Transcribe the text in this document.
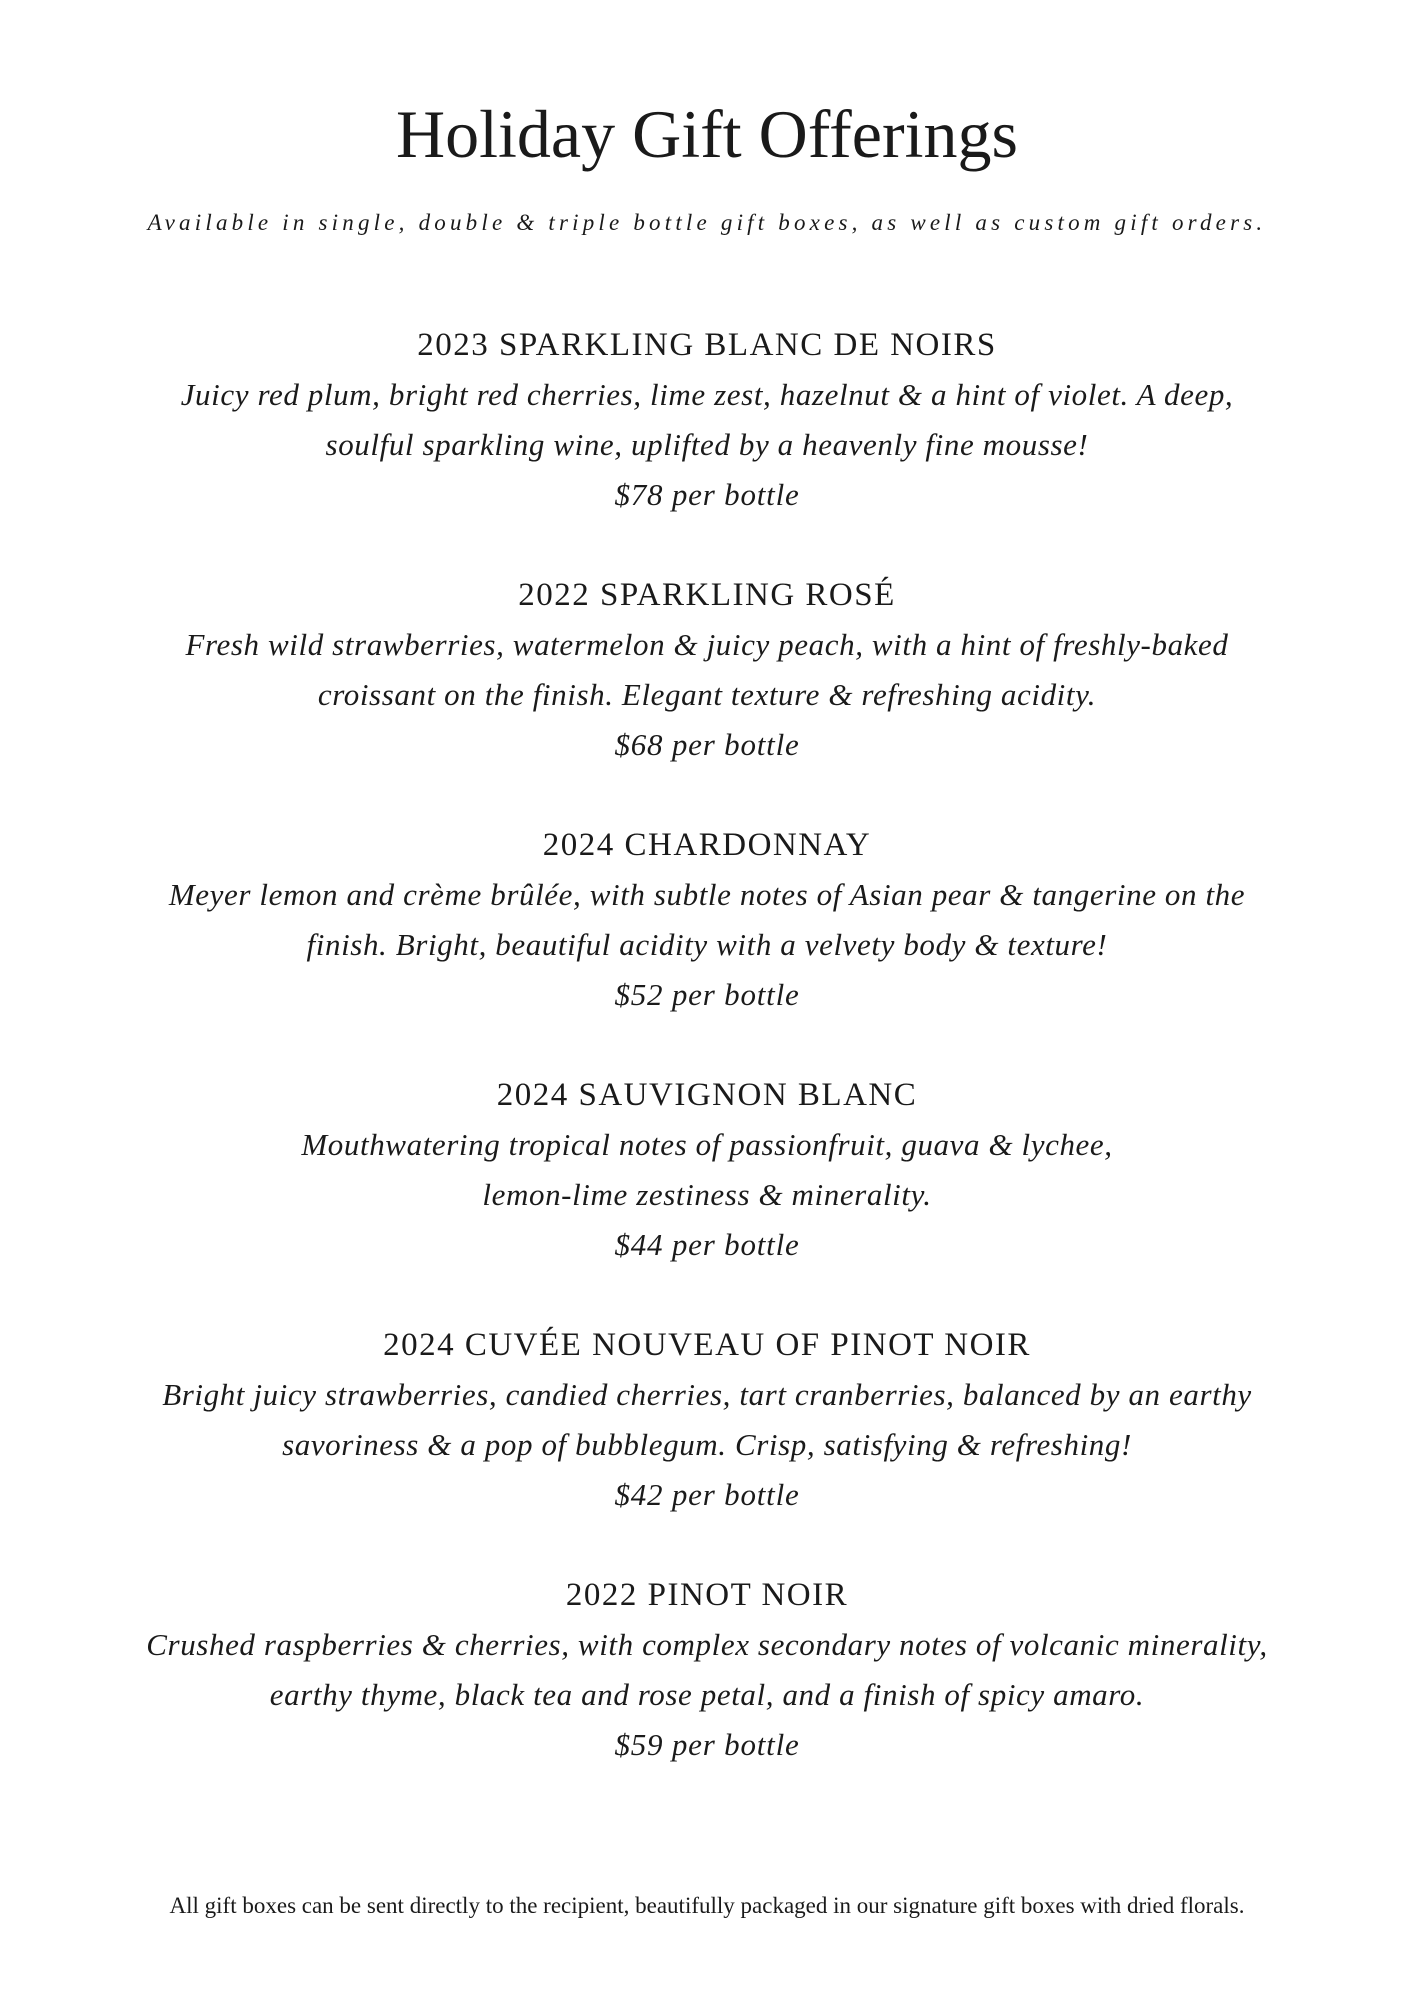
Holiday Gift Offerings

Available in single, double & triple bottle gift boxes, as well as custom gift orders.

2023 SPARKLING BLANC DE NOIRS

Juicy red plum, bright red cherries, lime zest, hazelnut & a hint of violet. A deep,

soulful sparkling wine, uplifted by a heavenly fine mousse!

$78 per bottle

2022 SPARKLING ROSÉ

Fresh wild strawberries, watermelon & juicy peach, with a hint of freshly-baked

croissant on the finish. Elegant texture & refreshing acidity.

$68 per bottle

2024 CHARDONNAY

Meyer lemon and crème brûlée, with subtle notes of Asian pear & tangerine on the

finish. Bright, beautiful acidity with a velvety body & texture!

$52 per bottle

2024 SAUVIGNON BLANC

Mouthwatering tropical notes of passionfruit, guava & lychee,

lemon-lime zestiness & minerality.

$44 per bottle

2024 CUVÉE NOUVEAU OF PINOT NOIR

Bright juicy strawberries, candied cherries, tart cranberries, balanced by an earthy

savoriness & a pop of bubblegum. Crisp, satisfying & refreshing!

$42 per bottle

2022 PINOT NOIR

Crushed raspberries & cherries, with complex secondary notes of volcanic minerality,

earthy thyme, black tea and rose petal, and a finish of spicy amaro.

$59 per bottle

All gift boxes can be sent directly to the recipient, beautifully packaged in our signature gift boxes with dried florals.
